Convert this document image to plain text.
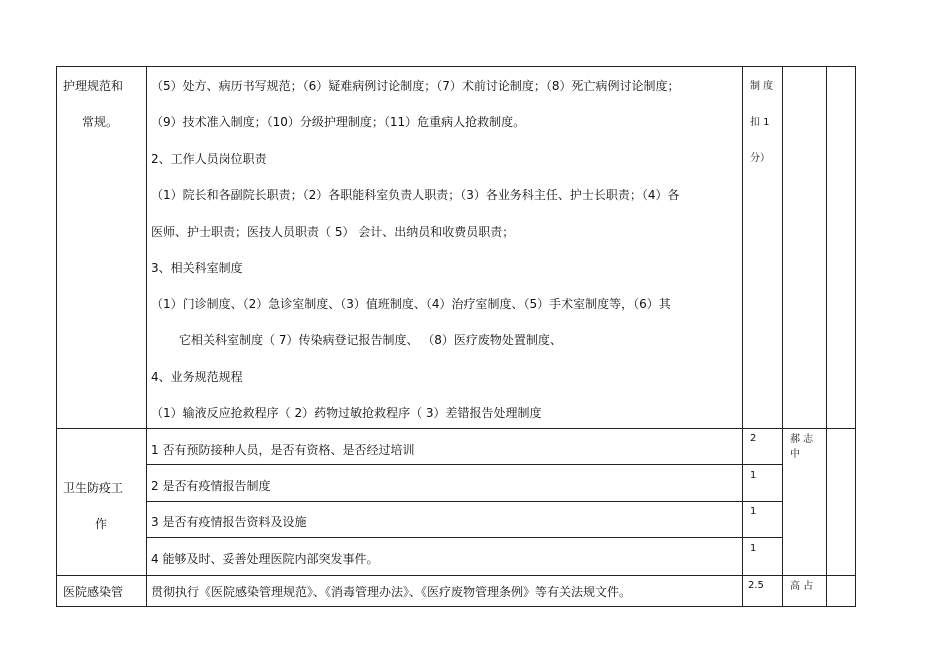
护理规范和
常规。
（5）处方、病历书写规范；（6）疑难病例讨论制度；（7）术前讨论制度；（8）死亡病例讨论制度；
（9）技术准入制度；（10）分级护理制度；（11）危重病人抢救制度。
2、工作人员岗位职责
（1）院长和各副院长职责；（2）各职能科室负责人职责；（3）各业务科主任、护士长职责；（4）各
医师、护士职责；医技人员职责（ 5） 会计、出纳员和收费员职责；
3、相关科室制度
（1）门诊制度、（2）急诊室制度、（3）值班制度、（4）治疗室制度、（5）手术室制度等，（6）其
它相关科室制度（ 7）传染病登记报告制度、 （8）医疗废物处置制度、
4、业务规范规程
（1）输液反应抢救程序（ 2）药物过敏抢救程序（ 3）差错报告处理制度
制 度
扣 1
分）
卫生防疫工
作
1 否有预防接种人员，是否有资格、是否经过培训
2 是否有疫情报告制度
3 是否有疫情报告资料及设施
4 能够及时、妥善处理医院内部突发事件。
2
1
1
1
郝 志
中
医院感染管 贯彻执行《医院感染管理规范》、《消毒管理办法》、《医疗废物管理条例》等有关法规文件。	2.5	高 占
